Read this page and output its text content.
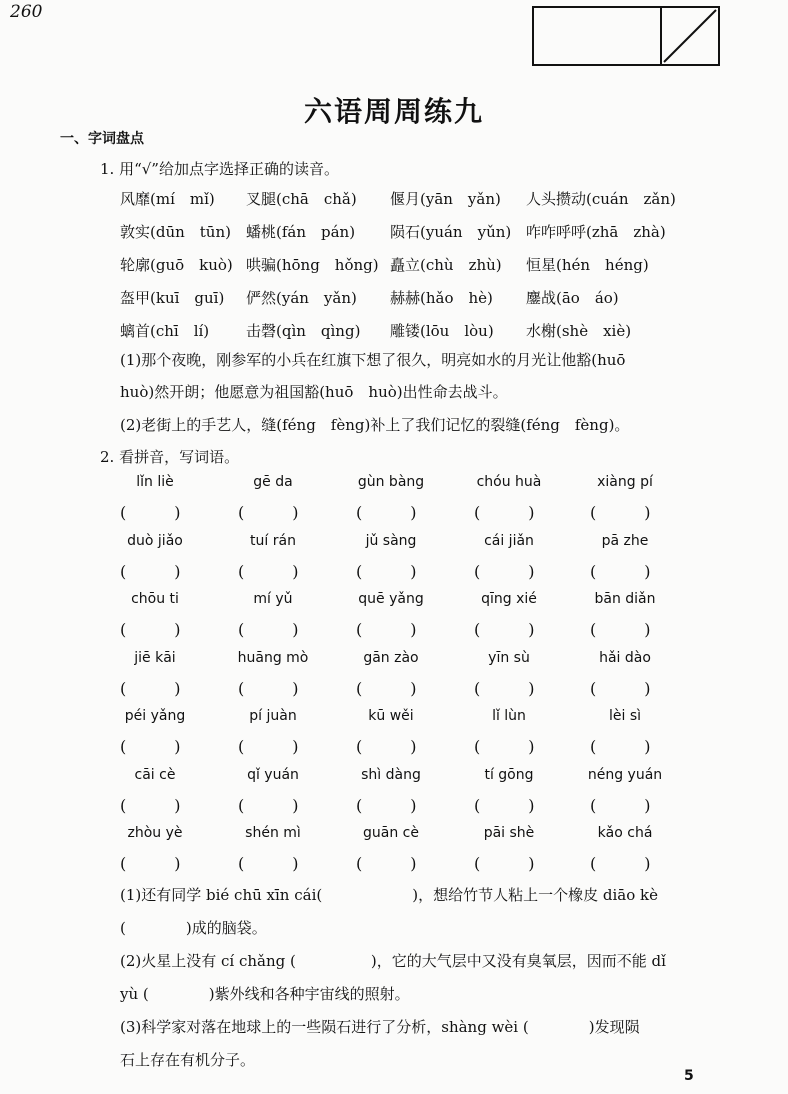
260
六语周周练九
一、字词盘点
1. 用“√”给加点字选择正确的读音。
风靡(mí　mǐ) 叉腿(chā　chǎ) 偃月(yān　yǎn) 人头攒动(cuán　zǎn)
敦实(dūn　tūn) 蟠桃(fán　pán) 陨石(yuán　yǔn) 咋咋呼呼(zhā　zhà)
轮廓(guō　kuò) 哄骗(hōng　hǒng) 矗立(chù　zhù) 恒星(hén　héng)
盔甲(kuī　guī) 俨然(yán　yǎn) 赫赫(hǎo　hè) 鏖战(āo　áo)
螭首(chī　lí) 击磬(qìn　qìng) 雕镂(lōu　lòu) 水榭(shè　xiè)
(1)那个夜晚，刚参军的小兵在红旗下想了很久，明亮如水的月光让他豁(huō
huò)然开朗；他愿意为祖国豁(huō　huò)出性命去战斗。
(2)老街上的手艺人，缝(féng　fèng)补上了我们记忆的裂缝(féng　fèng)。
2. 看拼音，写词语。
lǐn liè
(　　　)
gē da
(　　　)
gùn bàng
(　　　)
chóu huà
(　　　)
xiàng pí
(　　　)
duò jiǎo
(　　　)
tuí rán
(　　　)
jǔ sàng
(　　　)
cái jiǎn
(　　　)
pā zhe
(　　　)
chōu ti
(　　　)
mí yǔ
(　　　)
quē yǎng
(　　　)
qīng xié
(　　　)
bān diǎn
(　　　)
jiē kāi
(　　　)
huāng mò
(　　　)
gān zào
(　　　)
yīn sù
(　　　)
hǎi dào
(　　　)
péi yǎng
(　　　)
pí juàn
(　　　)
kū wěi
(　　　)
lǐ lùn
(　　　)
lèi sì
(　　　)
cāi cè
(　　　)
qǐ yuán
(　　　)
shì dàng
(　　　)
tí gōng
(　　　)
néng yuán
(　　　)
zhòu yè
(　　　)
shén mì
(　　　)
guān cè
(　　　)
pāi shè
(　　　)
kǎo chá
(　　　)
(1)还有同学 bié chū xīn cái(　　　　　　)，想给竹节人粘上一个橡皮 diāo kè
(　　　　)成的脑袋。
(2)火星上没有 cí chǎng (　　　　　)，它的大气层中又没有臭氧层，因而不能 dǐ
yù (　　　　)紫外线和各种宇宙线的照射。
(3)科学家对落在地球上的一些陨石进行了分析，shàng wèi (　　　　)发现陨
石上存在有机分子。
5
